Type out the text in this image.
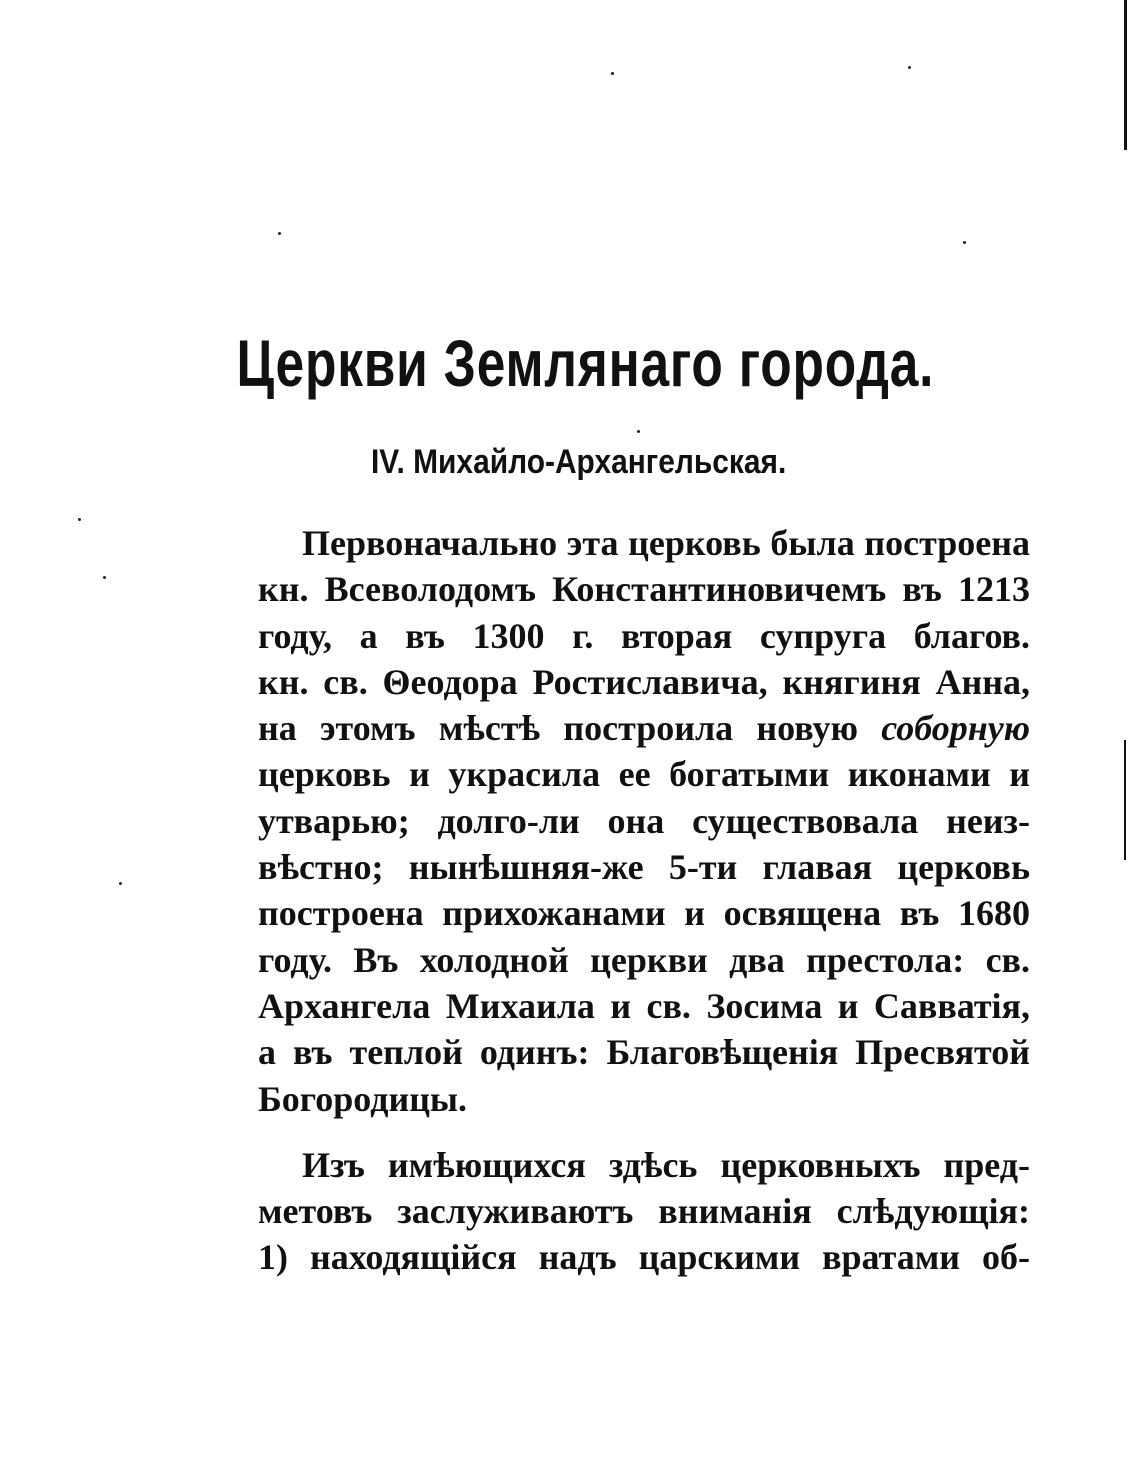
Церкви Землянаго города.
IV. Михайло-Архангельская.
Первоначально эта церковь была построена
кн. Всеволодомъ Константиновичемъ въ 1213
году, а въ 1300 г. вторая супруга благов.
кн. св. Θеодора Ростиславича, княгиня Анна,
на этомъ мѣстѣ построила новую соборную
церковь и украсила ее богатыми иконами и
утварью; долго-ли она существовала неиз-
вѣстно; нынѣшняя-же 5-ти главая церковь
построена прихожанами и освящена въ 1680
году. Въ холодной церкви два престола: св.
Архангела Михаила и св. Зосима и Савватія,
а въ теплой одинъ: Благовѣщенія Пресвятой
Богородицы.
Изъ имѣющихся здѣсь церковныхъ пред-
метовъ заслуживаютъ вниманія слѣдующія:
1) находящійся надъ царскими вратами об-
